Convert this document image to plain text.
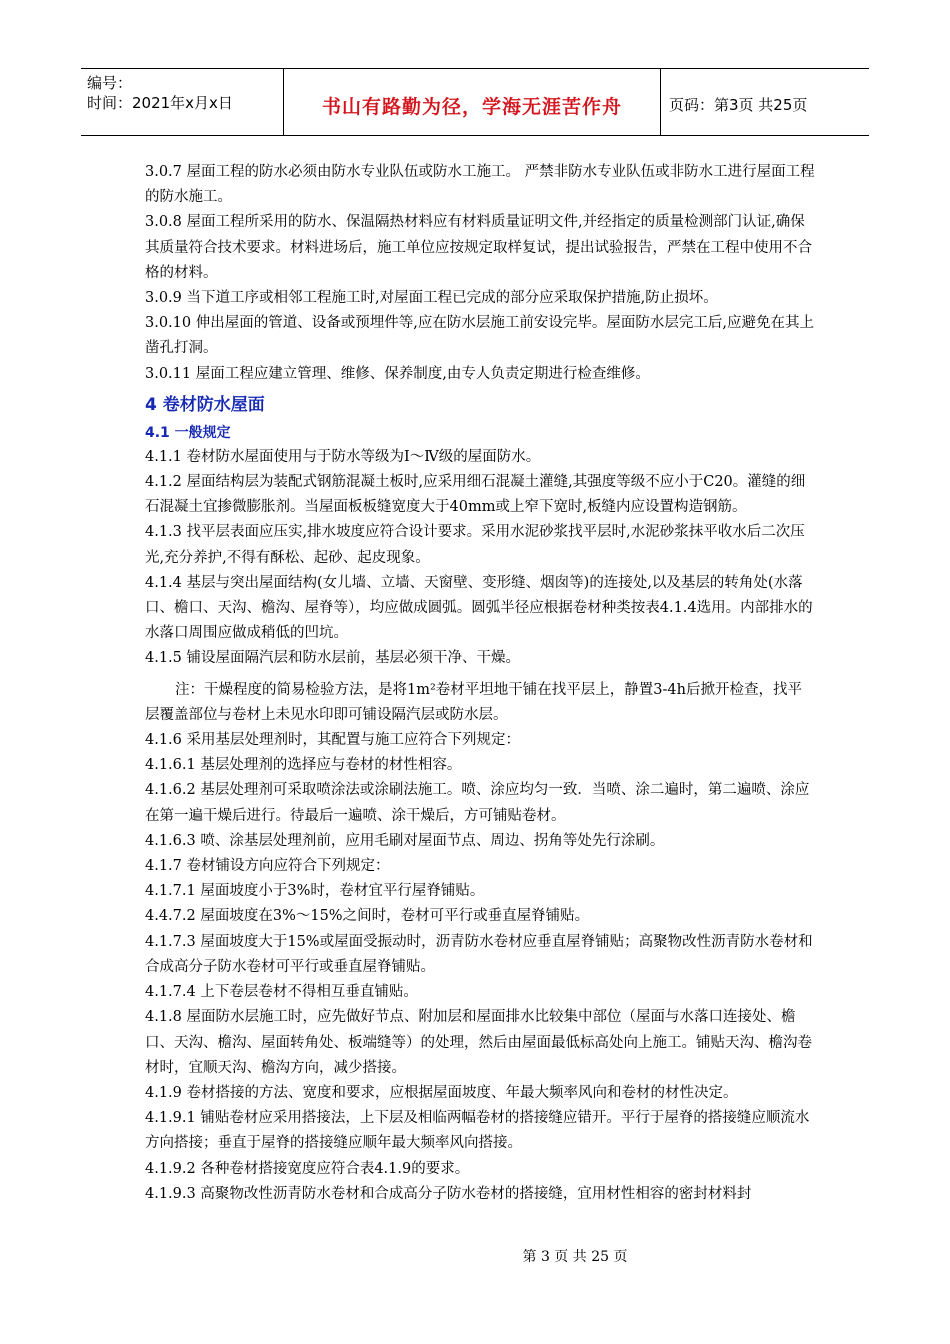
编号：
时间：2021年x月x日	书山有路勤为径，学海无涯苦作舟	页码：第3页 共25页

3.0.7 屋面工程的防水必须由防水专业队伍或防水工施工。 严禁非防水专业队伍或非防水工进行屋面工程的防水施工。

3.0.8 屋面工程所采用的防水、保温隔热材料应有材料质量证明文件,并经指定的质量检测部门认证,确保其质量符合技术要求。材料进场后，施工单位应按规定取样复试，提出试验报告，严禁在工程中使用不合格的材料。

3.0.9 当下道工序或相邻工程施工时,对屋面工程已完成的部分应采取保护措施,防止损坏。

3.0.10 伸出屋面的管道、设备或预埋件等,应在防水层施工前安设完毕。屋面防水层完工后,应避免在其上凿孔打洞。

3.0.11 屋面工程应建立管理、维修、保养制度,由专人负责定期进行检查维修。

4 卷材防水屋面
4.1 一般规定

4.1.1 卷材防水屋面使用与于防水等级为Ⅰ～Ⅳ级的屋面防水。

4.1.2 屋面结构层为装配式钢筋混凝土板时,应采用细石混凝土灌缝,其强度等级不应小于C20。灌缝的细石混凝土宜掺微膨胀剂。当屋面板板缝宽度大于40mm或上窄下宽时,板缝内应设置构造钢筋。

4.1.3 找平层表面应压实,排水坡度应符合设计要求。采用水泥砂浆找平层时,水泥砂浆抹平收水后二次压光,充分养护,不得有酥松、起砂、起皮现象。

4.1.4 基层与突出屋面结构(女儿墙、立墙、天窗壁、变形缝、烟囱等)的连接处,以及基层的转角处(水落口、檐口、天沟、檐沟、屋脊等），均应做成圆弧。圆弧半径应根据卷材种类按表4.1.4选用。内部排水的水落口周围应做成稍低的凹坑。

4.1.5 铺设屋面隔汽层和防水层前，基层必须干净、干燥。

注：干燥程度的简易检验方法，是将1m²卷材平坦地干铺在找平层上，静置3-4h后掀开检查，找平层覆盖部位与卷材上未见水印即可铺设隔汽层或防水层。

4.1.6 采用基层处理剂时，其配置与施工应符合下列规定：

4.1.6.1 基层处理剂的选择应与卷材的材性相容。

4.1.6.2 基层处理剂可采取喷涂法或涂刷法施工。喷、涂应均匀一致．当喷、涂二遍时，第二遍喷、涂应在第一遍干燥后进行。待最后一遍喷、涂干燥后，方可铺贴卷材。

4.1.6.3 喷、涂基层处理剂前，应用毛刷对屋面节点、周边、拐角等处先行涂刷。

4.1.7 卷材铺设方向应符合下列规定：

4.1.7.1 屋面坡度小于3%时，卷材宜平行屋脊铺贴。

4.4.7.2 屋面坡度在3%～15%之间时，卷材可平行或垂直屋脊铺贴。

4.1.7.3 屋面坡度大于15%或屋面受振动时，沥青防水卷材应垂直屋脊铺贴；高聚物改性沥青防水卷材和合成高分子防水卷材可平行或垂直屋脊铺贴。

4.1.7.4 上下卷层卷材不得相互垂直铺贴。

4.1.8 屋面防水层施工时，应先做好节点、附加层和屋面排水比较集中部位（屋面与水落口连接处、檐口、天沟、檐沟、屋面转角处、板端缝等）的处理，然后由屋面最低标高处向上施工。铺贴天沟、檐沟卷材时，宜顺天沟、檐沟方向，减少搭接。

4.1.9 卷材搭接的方法、宽度和要求，应根据屋面坡度、年最大频率风向和卷材的材性决定。

4.1.9.1 铺贴卷材应采用搭接法，上下层及相临两幅卷材的搭接缝应错开。平行于屋脊的搭接缝应顺流水方向搭接；垂直于屋脊的搭接缝应顺年最大频率风向搭接。

4.1.9.2 各种卷材搭接宽度应符合表4.1.9的要求。

4.1.9.3 高聚物改性沥青防水卷材和合成高分子防水卷材的搭接缝，宜用材性相容的密封材料封

第 3 页 共 25 页
